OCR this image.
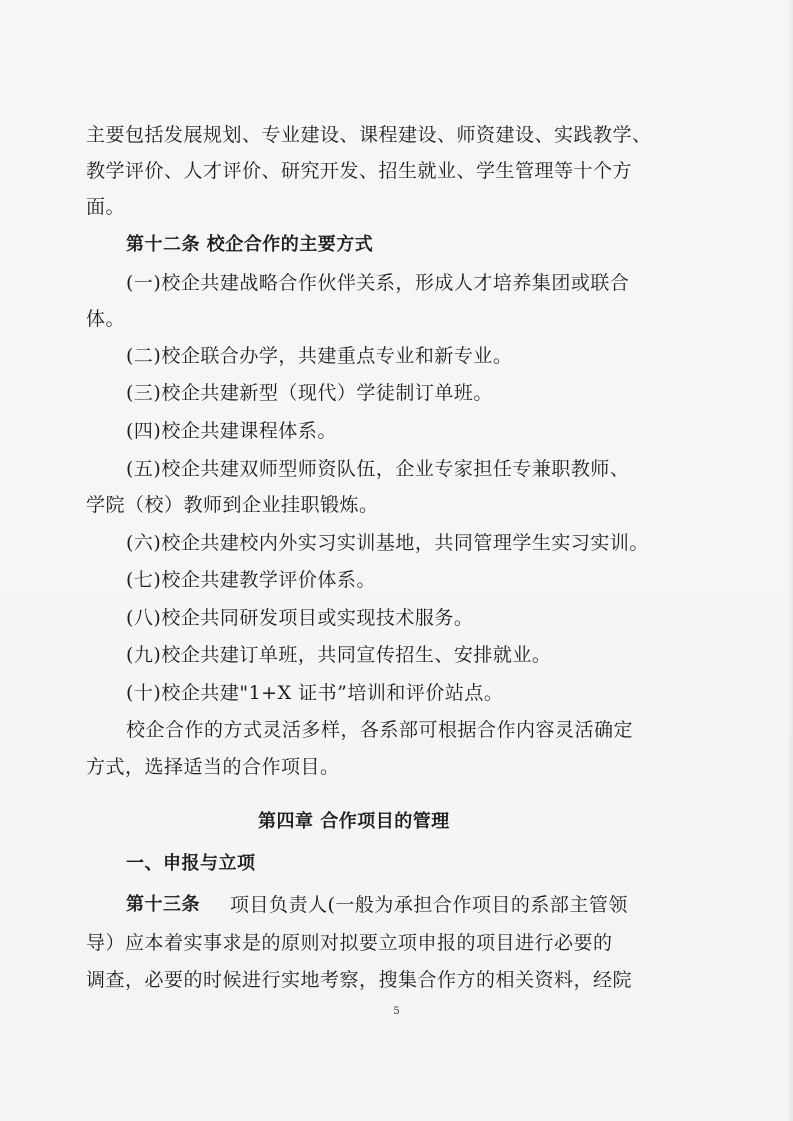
主要包括发展规划、专业建设、课程建设、师资建设、实践教学、
教学评价、人才评价、研究开发、招生就业、学生管理等十个方
面。
第十二条 校企合作的主要方式
(一)校企共建战略合作伙伴关系，形成人才培养集团或联合
体。
(二)校企联合办学，共建重点专业和新专业。
(三)校企共建新型（现代）学徒制订单班。
(四)校企共建课程体系。
(五)校企共建双师型师资队伍，企业专家担任专兼职教师、
学院（校）教师到企业挂职锻炼。
(六)校企共建校内外实习实训基地，共同管理学生实习实训。
(七)校企共建教学评价体系。
(八)校企共同研发项目或实现技术服务。
(九)校企共建订单班，共同宣传招生、安排就业。
(十)校企共建"1+X 证书”培训和评价站点。
校企合作的方式灵活多样，各系部可根据合作内容灵活确定
方式，选择适当的合作项目。
第四章 合作项目的管理
一、申报与立项
第十三条 项目负责人(一般为承担合作项目的系部主管领
导）应本着实事求是的原则对拟要立项申报的项目进行必要的
调查，必要的时候进行实地考察，搜集合作方的相关资料，经院
5
